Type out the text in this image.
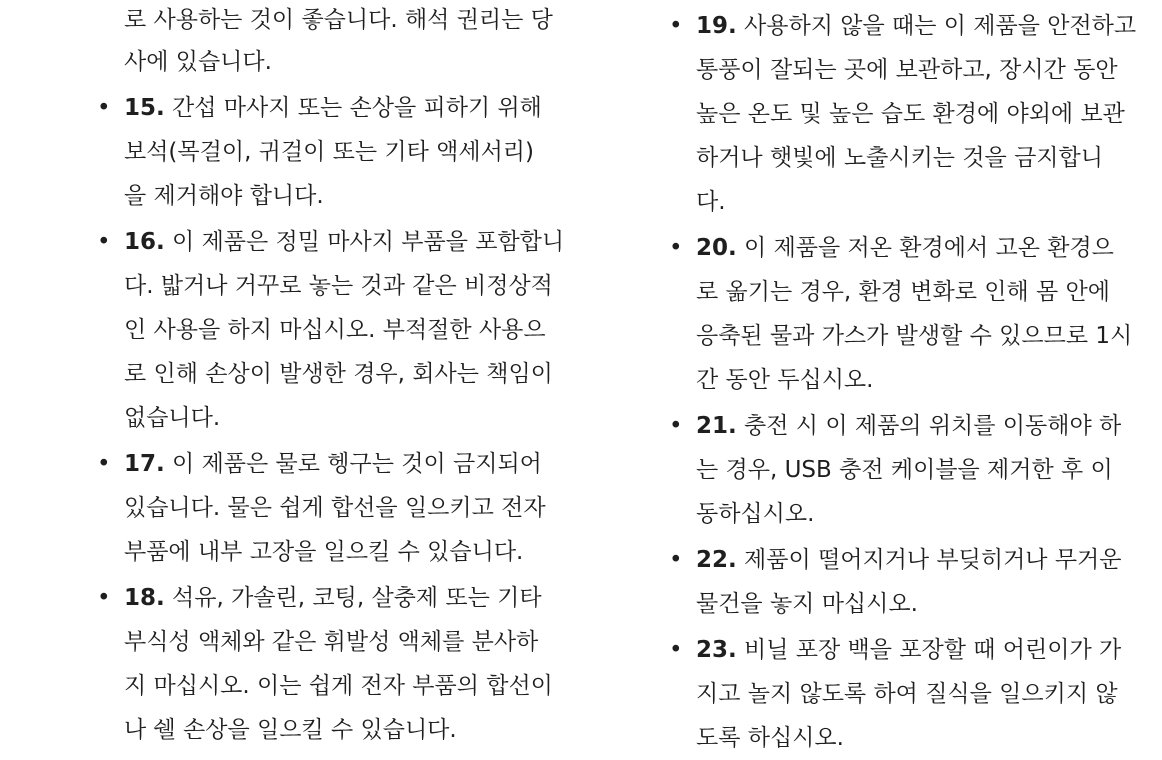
로 사용하는 것이 좋습니다. 해석 권리는 당

사에 있습니다.

• 15. 간섭 마사지 또는 손상을 피하기 위해
보석(목걸이, 귀걸이 또는 기타 액세서리)
을 제거해야 합니다.
• 16. 이 제품은 정밀 마사지 부품을 포함합니
다. 밟거나 거꾸로 놓는 것과 같은 비정상적
인 사용을 하지 마십시오. 부적절한 사용으
로 인해 손상이 발생한 경우, 회사는 책임이
없습니다.
• 17. 이 제품은 물로 헹구는 것이 금지되어
있습니다. 물은 쉽게 합선을 일으키고 전자
부품에 내부 고장을 일으킬 수 있습니다.
• 18. 석유, 가솔린, 코팅, 살충제 또는 기타
부식성 액체와 같은 휘발성 액체를 분사하
지 마십시오. 이는 쉽게 전자 부품의 합선이
나 쉘 손상을 일으킬 수 있습니다.
• 19. 사용하지 않을 때는 이 제품을 안전하고
통풍이 잘되는 곳에 보관하고, 장시간 동안
높은 온도 및 높은 습도 환경에 야외에 보관
하거나 햇빛에 노출시키는 것을 금지합니
다.
• 20. 이 제품을 저온 환경에서 고온 환경으
로 옮기는 경우, 환경 변화로 인해 몸 안에
응축된 물과 가스가 발생할 수 있으므로 1시
간 동안 두십시오.
• 21. 충전 시 이 제품의 위치를 이동해야 하
는 경우, USB 충전 케이블을 제거한 후 이
동하십시오.
• 22. 제품이 떨어지거나 부딪히거나 무거운
물건을 놓지 마십시오.
• 23. 비닐 포장 백을 포장할 때 어린이가 가
지고 놀지 않도록 하여 질식을 일으키지 않
도록 하십시오.
